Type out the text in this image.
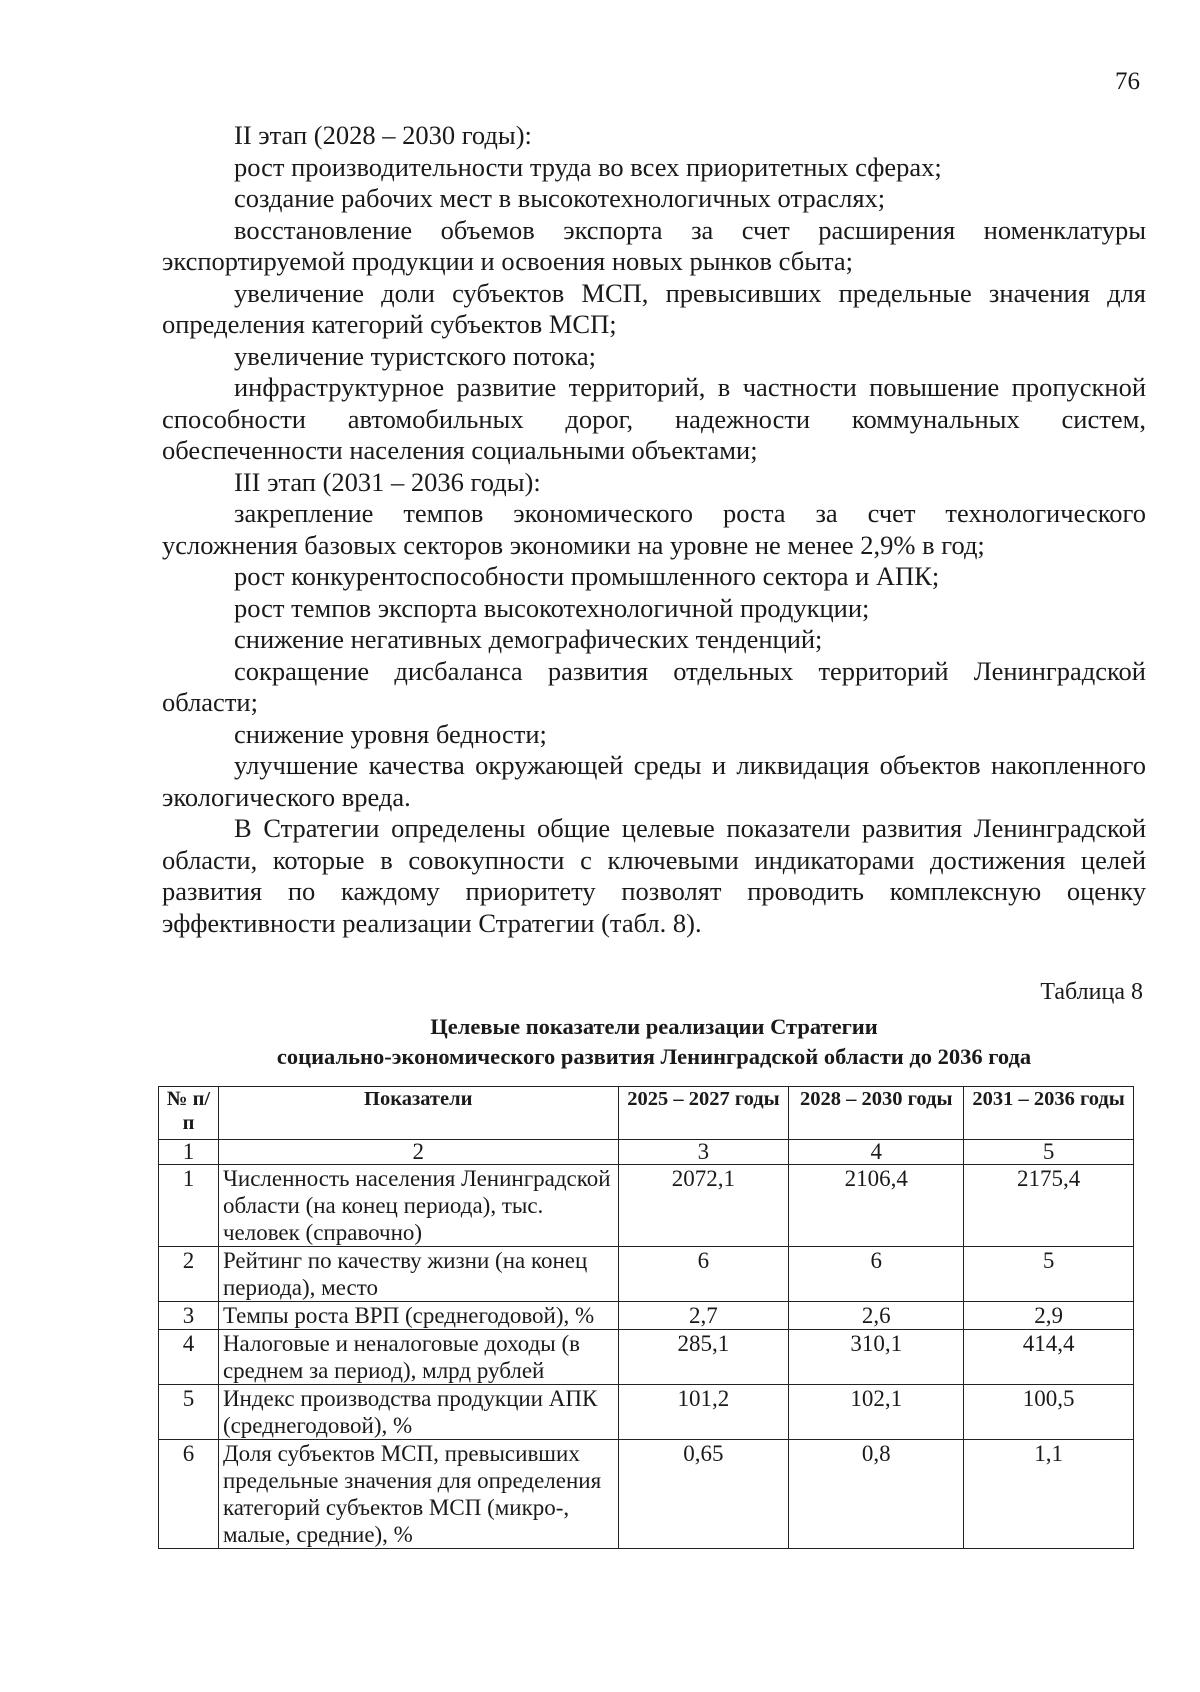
76

II этап (2028 – 2030 годы):

рост производительности труда во всех приоритетных сферах;

создание рабочих мест в высокотехнологичных отраслях;

восстановление объемов экспорта за счет расширения номенклатуры экспортируемой продукции и освоения новых рынков сбыта;

увеличение доли субъектов МСП, превысивших предельные значения для определения категорий субъектов МСП;

увеличение туристского потока;

инфраструктурное развитие территорий, в частности повышение пропускной способности автомобильных дорог, надежности коммунальных систем, обеспеченности населения социальными объектами;

III этап (2031 – 2036 годы):

закрепление темпов экономического роста за счет технологического усложнения базовых секторов экономики на уровне не менее 2,9% в год;

рост конкурентоспособности промышленного сектора и АПК;

рост темпов экспорта высокотехнологичной продукции;

снижение негативных демографических тенденций;

сокращение дисбаланса развития отдельных территорий Ленинградской области;

снижение уровня бедности;

улучшение качества окружающей среды и ликвидация объектов накопленного экологического вреда.

В Стратегии определены общие целевые показатели развития Ленинградской области, которые в совокупности с ключевыми индикаторами достижения целей развития по каждому приоритету позволят проводить комплексную оценку эффективности реализации Стратегии (табл. 8).

Таблица 8
Целевые показатели реализации Стратегии
социально-экономического развития Ленинградской области до 2036 года
№ п/п	Показатели	2025 – 2027 годы	2028 – 2030 годы	2031 – 2036 годы
1	2	3	4	5
1	Численность населения Ленинградской области (на конец периода), тыс. человек (справочно)	2072,1	2106,4	2175,4
2	Рейтинг по качеству жизни (на конец периода), место	6	6	5
3	Темпы роста ВРП (среднегодовой), %	2,7	2,6	2,9
4	Налоговые и неналоговые доходы (в среднем за период), млрд рублей	285,1	310,1	414,4
5	Индекс производства продукции АПК (среднегодовой), %	101,2	102,1	100,5
6	Доля субъектов МСП, превысивших предельные значения для определения категорий субъектов МСП (микро-, малые, средние), %	0,65	0,8	1,1
